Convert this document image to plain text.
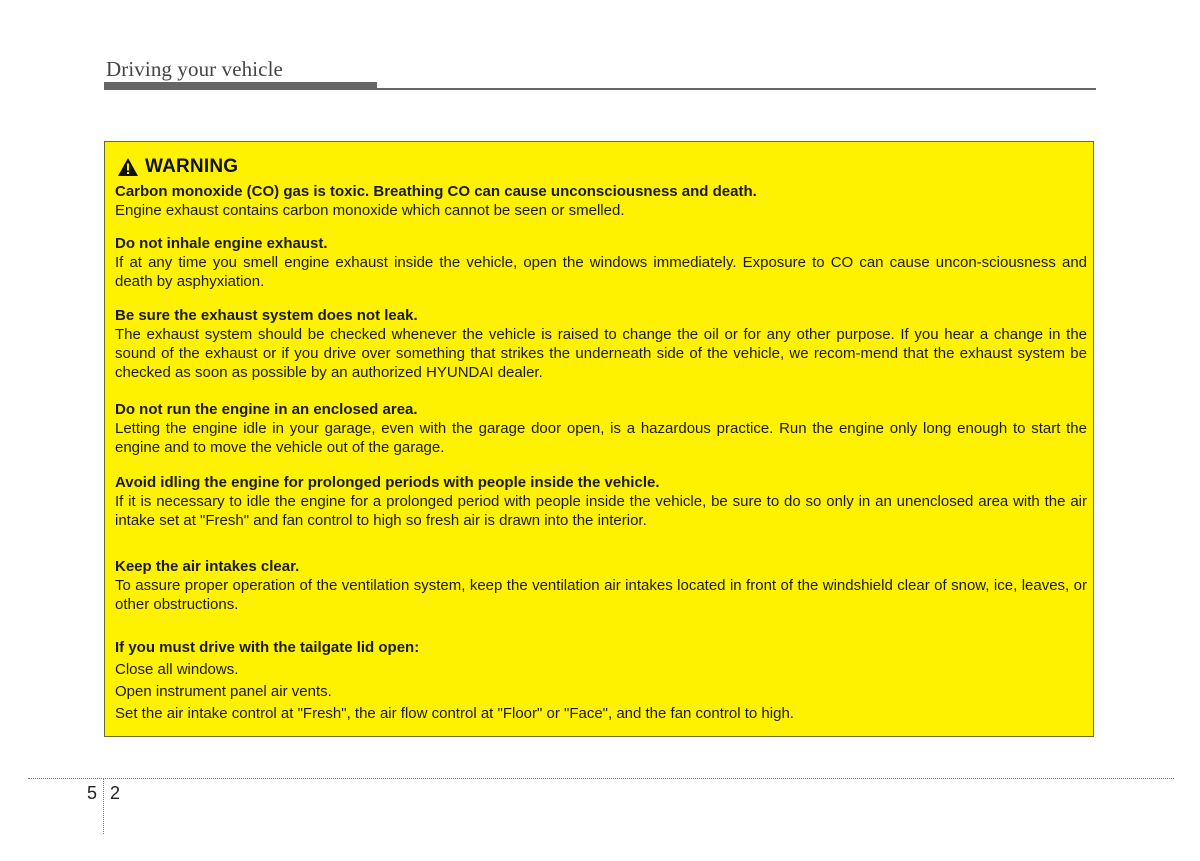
Driving your vehicle
WARNING
Carbon monoxide (CO) gas is toxic. Breathing CO can cause unconsciousness and death.
Engine exhaust contains carbon monoxide which cannot be seen or smelled.
Do not inhale engine exhaust.
If at any time you smell engine exhaust inside the vehicle, open the windows immediately. Exposure to CO can cause uncon-sciousness and death by asphyxiation.
Be sure the exhaust system does not leak.
The exhaust system should be checked whenever the vehicle is raised to change the oil or for any other purpose. If you hear a change in the sound of the exhaust or if you drive over something that strikes the underneath side of the vehicle, we recom-mend that the exhaust system be checked as soon as possible by an authorized HYUNDAI dealer.
Do not run the engine in an enclosed area.
Letting the engine idle in your garage, even with the garage door open, is a hazardous practice. Run the engine only long enough to start the engine and to move the vehicle out of the garage.
Avoid idling the engine for prolonged periods with people inside the vehicle.
If it is necessary to idle the engine for a prolonged period with people inside the vehicle, be sure to do so only in an unenclosed area with the air intake set at "Fresh" and fan control to high so fresh air is drawn into the interior.
Keep the air intakes clear.
To assure proper operation of the ventilation system, keep the ventilation air intakes located in front of the windshield clear of snow, ice, leaves, or other obstructions.
If you must drive with the tailgate lid open:
Close all windows.
Open instrument panel air vents.
Set the air intake control at "Fresh", the air flow control at "Floor" or "Face", and the fan control to high.
5 2
